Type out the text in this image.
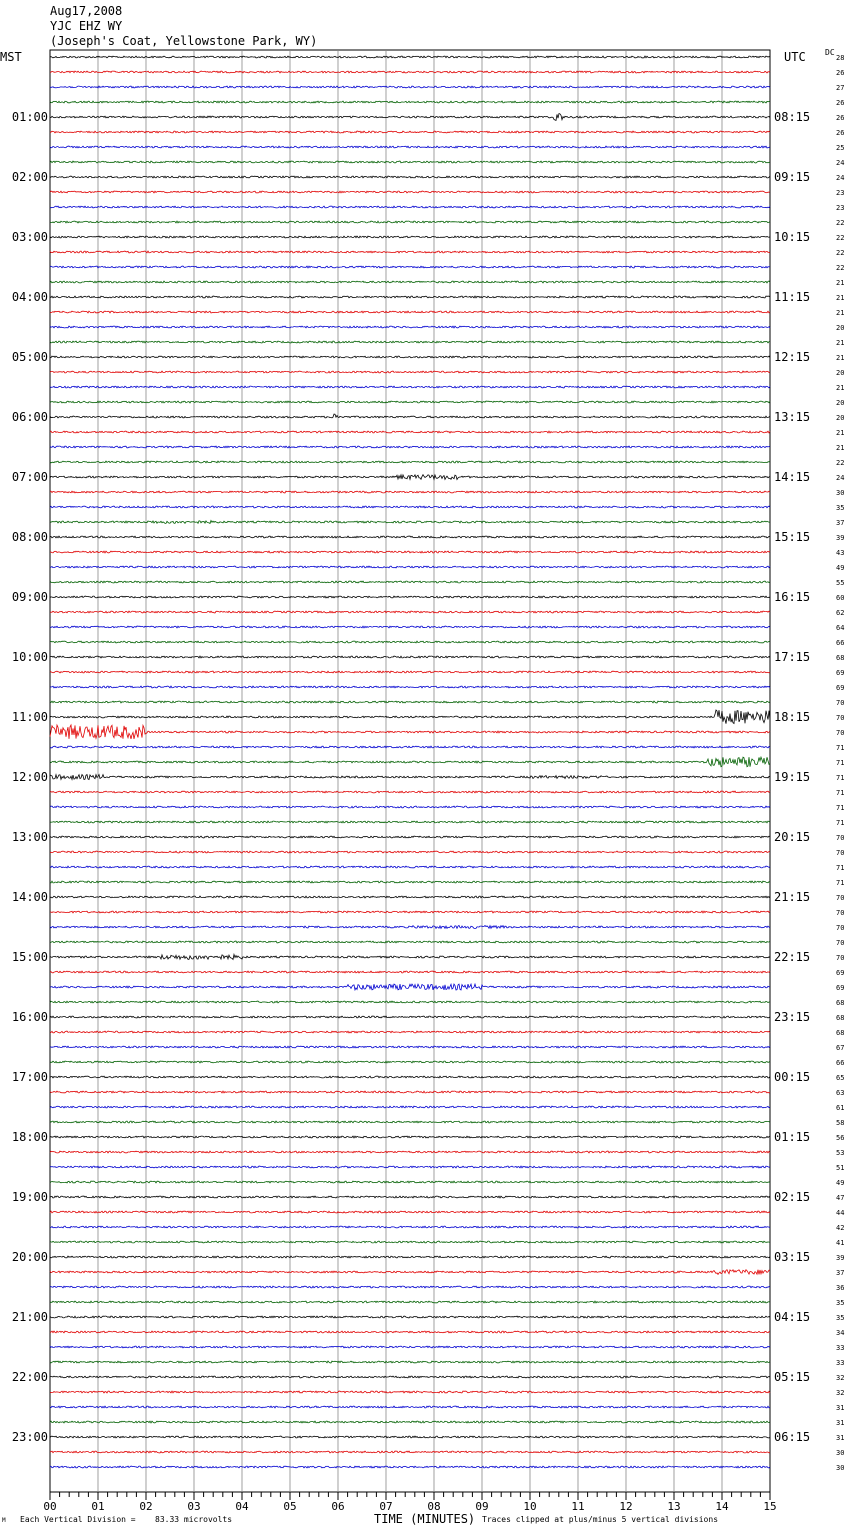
Aug17,2008
YJC EHZ WY
(Joseph's Coat, Yellowstone Park, WY)
MST	UTC DC
28
26
27
26
26
26
25
24
24
23
23
22
22
22
22
21
21
21
20
21
21
20
21
20
20
21
21
22
24
30
35
37
39
43
49
55
60
62
64
66
68
69
69
70
70
70
71
71
71
71
71
71
70
70
71
71
70
70
70
70
70
69
69
68
68
68
67
66
65
63
61
58
56
53
51
49
47
44
42
41
39
37
36
35
35
34
33
33
32
32
31
31
31
30
30
01:00	08:15
02:00	09:15
03:00	10:15
04:00	11:15
05:00	12:15
06:00	13:15
07:00	14:15
08:00	15:15
09:00	16:15
10:00	17:15
11:00	18:15
12:00	19:15
13:00	20:15
14:00	21:15
15:00	22:15
16:00	23:15
17:00	00:15
18:00	01:15
19:00	02:15
20:00	03:15
21:00	04:15
22:00	05:15
23:00	06:15
00	01	02	03	04	05	06	07	08	09	10	11	12	13	14	15
TIME (MINUTES)
Each Vertical Division = 83.33 microvolts	Traces clipped at plus/minus 5 vertical divisions
M
